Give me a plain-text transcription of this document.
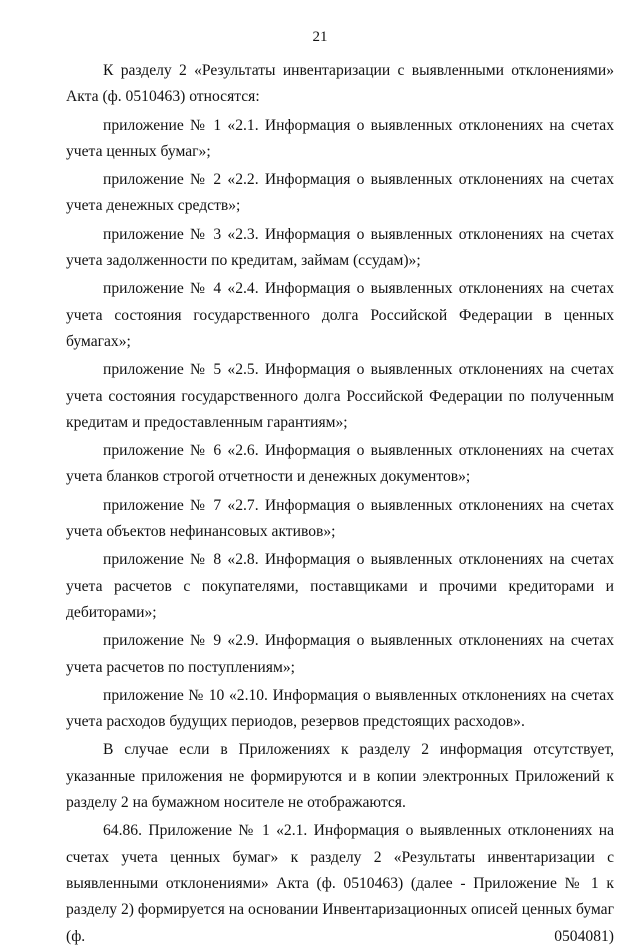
21

К разделу 2 «Результаты инвентаризации с выявленными отклонениями» Акта (ф. 0510463) относятся:

приложение № 1 «2.1. Информация о выявленных отклонениях на счетах учета ценных бумаг»;

приложение № 2 «2.2. Информация о выявленных отклонениях на счетах учета денежных средств»;

приложение № 3 «2.3. Информация о выявленных отклонениях на счетах учета задолженности по кредитам, займам (ссудам)»;

приложение № 4 «2.4. Информация о выявленных отклонениях на счетах учета состояния государственного долга Российской Федерации в ценных бумагах»;

приложение № 5 «2.5. Информация о выявленных отклонениях на счетах учета состояния государственного долга Российской Федерации по полученным кредитам и предоставленным гарантиям»;

приложение № 6 «2.6. Информация о выявленных отклонениях на счетах учета бланков строгой отчетности и денежных документов»;

приложение № 7 «2.7. Информация о выявленных отклонениях на счетах учета объектов нефинансовых активов»;

приложение № 8 «2.8. Информация о выявленных отклонениях на счетах учета расчетов с покупателями, поставщиками и прочими кредиторами и дебиторами»;

приложение № 9 «2.9. Информация о выявленных отклонениях на счетах учета расчетов по поступлениям»;

приложение № 10 «2.10. Информация о выявленных отклонениях на счетах учета расходов будущих периодов, резервов предстоящих расходов».

В случае если в Приложениях к разделу 2 информация отсутствует, указанные приложения не формируются и в копии электронных Приложений к разделу 2 на бумажном носителе не отображаются.

64.86. Приложение № 1 «2.1. Информация о выявленных отклонениях на счетах учета ценных бумаг» к разделу 2 «Результаты инвентаризации с выявленными отклонениями» Акта (ф. 0510463) (далее - Приложение № 1 к разделу 2) формируется на основании Инвентаризационных описей ценных бумаг (ф. 0504081)
